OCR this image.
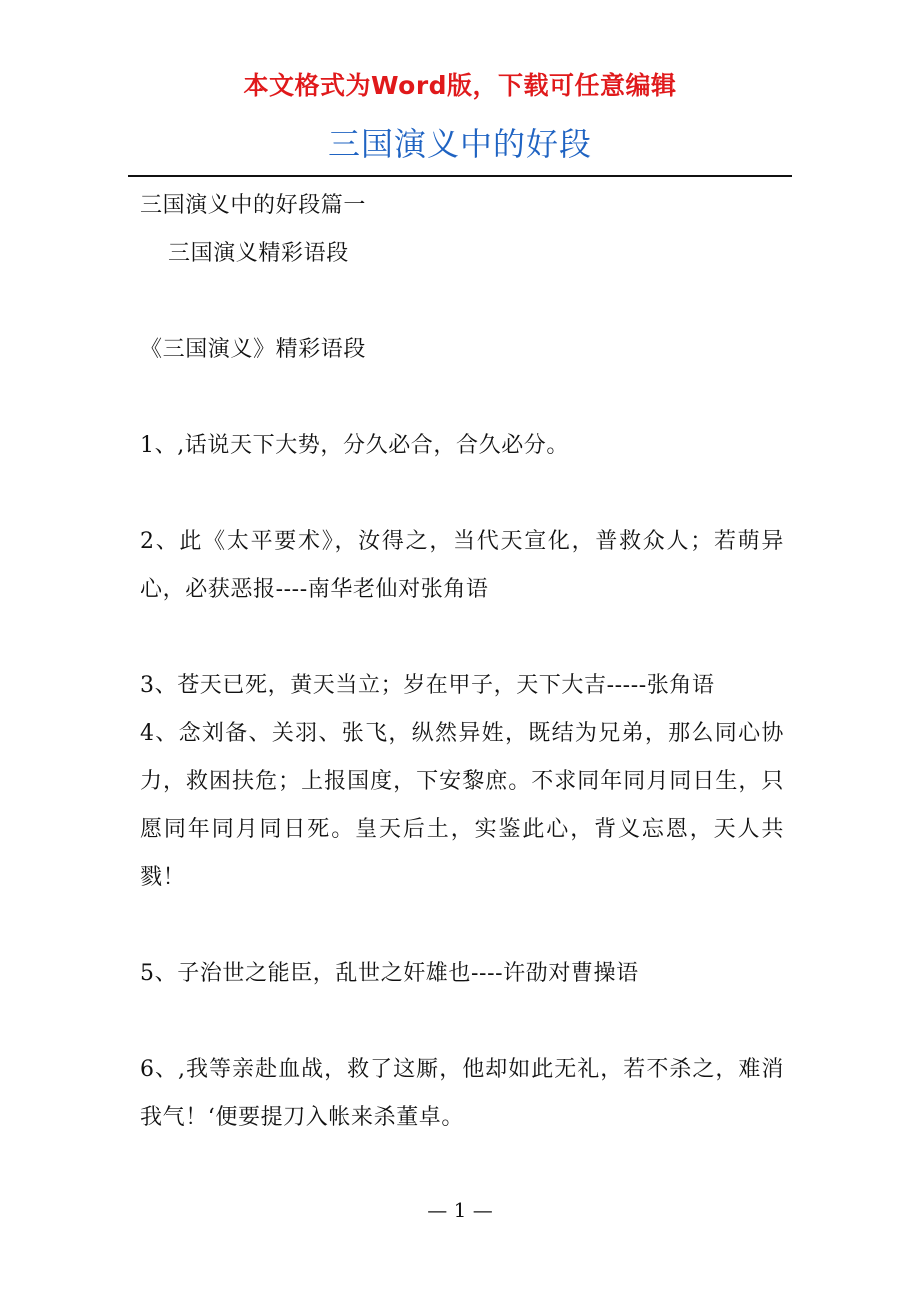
本文格式为Word版，下载可任意编辑
三国演义中的好段

三国演义中的好段篇一

三国演义精彩语段

《三国演义》精彩语段

1、,话说天下大势，分久必合，合久必分。

2、此《太平要术》，汝得之，当代天宣化，普救众人；若萌异心，必获恶报----南华老仙对张角语

3、苍天已死，黄天当立；岁在甲子，天下大吉-----张角语

4、念刘备、关羽、张飞，纵然异姓，既结为兄弟，那么同心协力，救困扶危；上报国度，下安黎庶。不求同年同月同日生，只愿同年同月同日死。皇天后土，实鉴此心，背义忘恩，天人共戮！

5、子治世之能臣，乱世之奸雄也----许劭对曹操语

6、,我等亲赴血战，救了这厮，他却如此无礼，若不杀之，难消我气！‘便要提刀入帐来杀董卓。

— 1 —
